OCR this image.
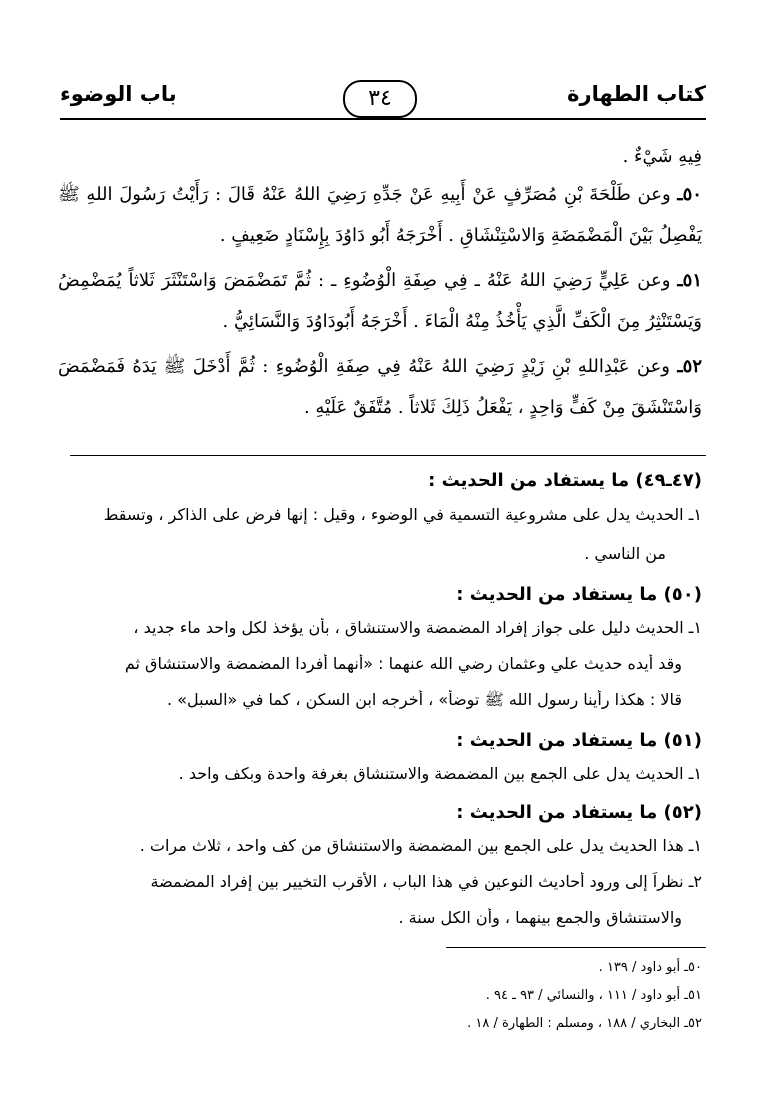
كتاب الطهارة
٣٤
باب الوضوء
فِيهِ شَيْءٌ .
٥٠ـ وعن طَلْحَةَ بْنِ مُصَرِّفٍ عَنْ أَبِيهِ عَنْ جَدِّهِ رَضِيَ اللهُ عَنْهُ قَالَ : رَأَيْتُ رَسُولَ اللهِ ﷺ يَفْصِلُ بَيْنَ الْمَضْمَضَةِ وَالاسْتِنْشَاقِ . أَخْرَجَهُ أَبُو دَاوُدَ بِإِسْنَادٍ ضَعِيفٍ .
٥١ـ وعن عَلِيٍّ رَضِيَ اللهُ عَنْهُ ـ فِي صِفَةِ الْوُضُوءِ ـ : ثُمَّ تَمَضْمَضَ وَاسْتَنْثَرَ ثَلاثاً يُمَضْمِضُ وَيَسْتَنْثِرُ مِنَ الْكَفِّ الَّذِي يَأْخُذُ مِنْهُ الْمَاءَ . أَخْرَجَهُ أَبُودَاوُدَ وَالنَّسَائِيُّ .
٥٢ـ وعن عَبْدِاللهِ بْنِ زَيْدٍ رَضِيَ اللهُ عَنْهُ فِي صِفَةِ الْوُضُوءِ : ثُمَّ أَدْخَلَ ﷺ يَدَهُ فَمَضْمَضَ وَاسْتَنْشَقَ مِنْ كَفٍّ وَاحِدٍ ، يَفْعَلُ ذَلِكَ ثَلاثاً . مُتَّفَقٌ عَلَيْهِ .
(٤٧ـ٤٩) ما يستفاد من الحديث :
١ـ الحديث يدل على مشروعية التسمية في الوضوء ، وقيل : إنها فرض على الذاكر ، وتسقط
من الناسي .
(٥٠) ما يستفاد من الحديث :
١ـ الحديث دليل على جواز إفراد المضمضة والاستنشاق ، بأن يؤخذ لكل واحد ماء جديد ،
وقد أيده حديث علي وعثمان رضي الله عنهما : «أنهما أفردا المضمضة والاستنشاق ثم
قالا : هكذا رأينا رسول الله ﷺ توضأ» ، أخرجه ابن السكن ، كما في «السبل» .
(٥١) ما يستفاد من الحديث :
١ـ الحديث يدل على الجمع بين المضمضة والاستنشاق بغرفة واحدة وبكف واحد .
(٥٢) ما يستفاد من الحديث :
١ـ هذا الحديث يدل على الجمع بين المضمضة والاستنشاق من كف واحد ، ثلاث مرات .
٢ـ نظراً إلى ورود أحاديث النوعين في هذا الباب ، الأقرب التخيير بين إفراد المضمضة
والاستنشاق والجمع بينهما ، وأن الكل سنة .
٥٠ـ أبو داود / ١٣٩ .
٥١ـ أبو داود / ١١١ ، والنسائي / ٩٣ ـ ٩٤ .
٥٢ـ البخاري / ١٨٨ ، ومسلم : الطهارة / ١٨ .
